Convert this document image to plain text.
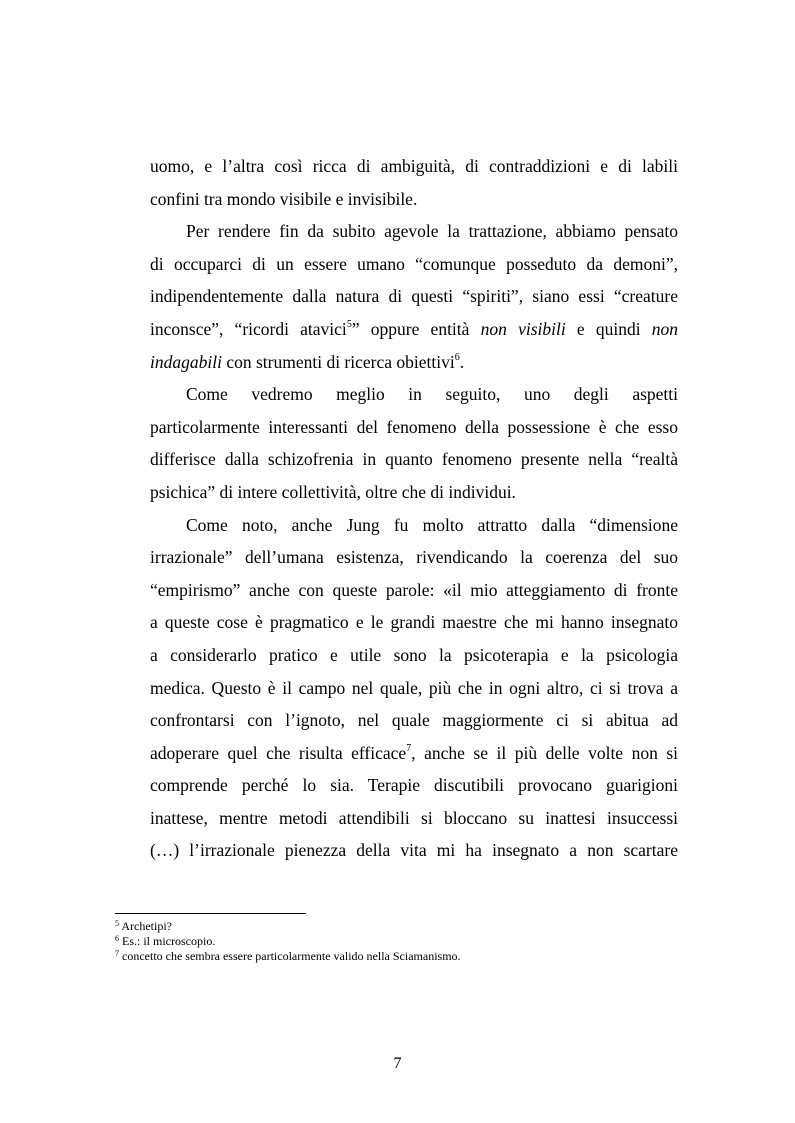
uomo, e l’altra così ricca di ambiguità, di contraddizioni e di labili
confini tra mondo visibile e invisibile.
Per rendere fin da subito agevole la trattazione, abbiamo pensato
di occuparci di un essere umano “comunque posseduto da demoni”,
indipendentemente dalla natura di questi “spiriti”, siano essi “creature
inconsce”, “ricordi atavici$^5$” oppure entità non visibili e quindi non
indagabili con strumenti di ricerca obiettivi$^6$.
Come vedremo meglio in seguito, uno degli aspetti
particolarmente interessanti del fenomeno della possessione è che esso
differisce dalla schizofrenia in quanto fenomeno presente nella “realtà
psichica” di intere collettività, oltre che di individui.
Come noto, anche Jung fu molto attratto dalla “dimensione
irrazionale” dell’umana esistenza, rivendicando la coerenza del suo
“empirismo” anche con queste parole: «il mio atteggiamento di fronte
a queste cose è pragmatico e le grandi maestre che mi hanno insegnato
a considerarlo pratico e utile sono la psicoterapia e la psicologia
medica. Questo è il campo nel quale, più che in ogni altro, ci si trova a
confrontarsi con l’ignoto, nel quale maggiormente ci si abitua ad
adoperare quel che risulta efficace$^7$, anche se il più delle volte non si
comprende perché lo sia. Terapie discutibili provocano guarigioni
inattese, mentre metodi attendibili si bloccano su inattesi insuccessi
(…) l’irrazionale pienezza della vita mi ha insegnato a non scartare
$^5$ Archetipi?
$^6$ Es.: il microscopio.
$^7$ concetto che sembra essere particolarmente valido nella Sciamanismo.
7
